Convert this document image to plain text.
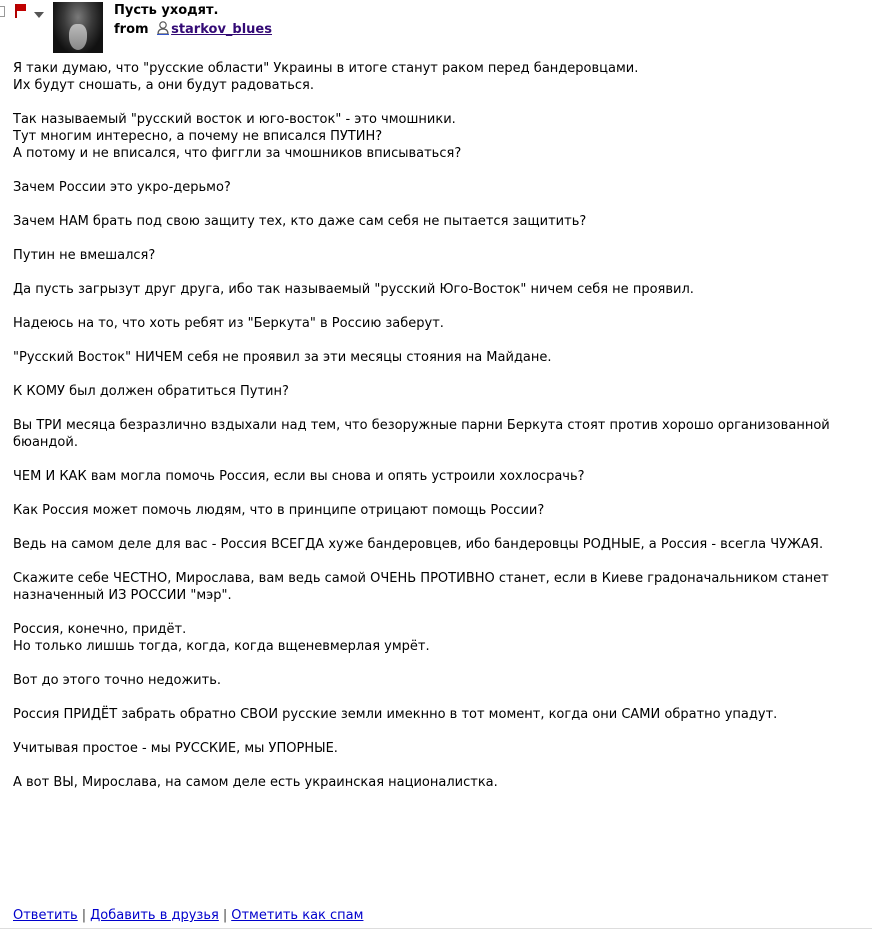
Пусть уходят.
from starkov_blues
Я таки думаю, что "русские области" Украины в итоге станут раком перед бандеровцами.
Их будут сношать, а они будут радоваться.
Так называемый "русский восток и юго-восток" - это чмошники.
Тут многим интересно, а почему не вписался ПУТИН?
А потому и не вписался, что фиггли за чмошников вписываться?
Зачем России это укро-дерьмо?
Зачем НАМ брать под свою защиту тех, кто даже сам себя не пытается защитить?
Путин не вмешался?
Да пусть загрызут друг друга, ибо так называемый "русский Юго-Восток" ничем себя не проявил.
Надеюсь на то, что хоть ребят из "Беркута" в Россию заберут.
"Русский Восток" НИЧЕМ себя не проявил за эти месяцы стояния на Майдане.
К КОМУ был должен обратиться Путин?
Вы ТРИ месяца безразлично вздыхали над тем, что безоружные парни Беркута стоят против хорошо организованной
бюандой.
ЧЕМ И КАК вам могла помочь Россия, если вы снова и опять устроили хохлосрачь?
Как Россия может помочь людям, что в принципе отрицают помощь России?
Ведь на самом деле для вас - Россия ВСЕГДА хуже бандеровцев, ибо бандеровцы РОДНЫЕ, а Россия - всегла ЧУЖАЯ.
Скажите себе ЧЕСТНО, Мирослава, вам ведь самой ОЧЕНЬ ПРОТИВНО станет, если в Киеве градоначальником станет
назначенный ИЗ РОССИИ "мэр".
Россия, конечно, придёт.
Но только лишшь тогда, когда, когда вщеневмерлая умрёт.
Вот до этого точно недожить.
Россия ПРИДЁТ забрать обратно СВОИ русские земли имекнно в тот момент, когда они САМИ обратно упадут.
Учитывая простое - мы РУССКИЕ, мы УПОРНЫЕ.
А вот ВЫ, Мирослава, на самом деле есть украинская националистка.
Ответить | Добавить в друзья | Отметить как спам
